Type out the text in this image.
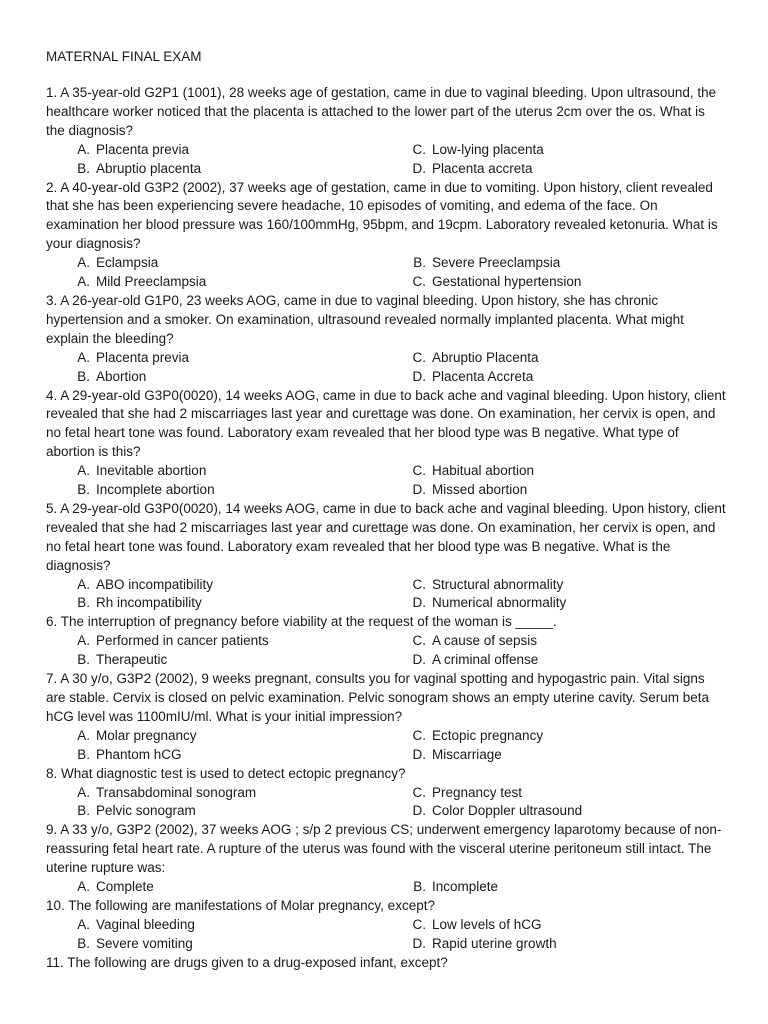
MATERNAL FINAL EXAM

1. A 35-year-old G2P1 (1001), 28 weeks age of gestation, came in due to vaginal bleeding. Upon ultrasound, the healthcare worker noticed that the placenta is attached to the lower part of the uterus 2cm over the os. What is the diagnosis?

A. Placenta previa	C. Low-lying placenta
B. Abruptio placenta	D. Placenta accreta

2. A 40-year-old G3P2 (2002), 37 weeks age of gestation, came in due to vomiting. Upon history, client revealed that she has been experiencing severe headache, 10 episodes of vomiting, and edema of the face. On examination her blood pressure was 160/100mmHg, 95bpm, and 19cpm. Laboratory revealed ketonuria. What is your diagnosis?

A. Eclampsia	B. Severe Preeclampsia
A. Mild Preeclampsia	C. Gestational hypertension

3. A 26-year-old G1P0, 23 weeks AOG, came in due to vaginal bleeding. Upon history, she has chronic hypertension and a smoker. On examination, ultrasound revealed normally implanted placenta. What might explain the bleeding?

A. Placenta previa	C. Abruptio Placenta
B. Abortion	D. Placenta Accreta

4. A 29-year-old G3P0(0020), 14 weeks AOG, came in due to back ache and vaginal bleeding. Upon history, client revealed that she had 2 miscarriages last year and curettage was done. On examination, her cervix is open, and no fetal heart tone was found. Laboratory exam revealed that her blood type was B negative. What type of abortion is this?

A. Inevitable abortion	C. Habitual abortion
B. Incomplete abortion	D. Missed abortion

5. A 29-year-old G3P0(0020), 14 weeks AOG, came in due to back ache and vaginal bleeding. Upon history, client revealed that she had 2 miscarriages last year and curettage was done. On examination, her cervix is open, and no fetal heart tone was found. Laboratory exam revealed that her blood type was B negative. What is the diagnosis?

A. ABO incompatibility	C. Structural abnormality
B. Rh incompatibility	D. Numerical abnormality

6. The interruption of pregnancy before viability at the request of the woman is _____.

A. Performed in cancer patients	C. A cause of sepsis
B. Therapeutic	D. A criminal offense

7. A 30 y/o, G3P2 (2002), 9 weeks pregnant, consults you for vaginal spotting and hypogastric pain. Vital signs are stable. Cervix is closed on pelvic examination. Pelvic sonogram shows an empty uterine cavity. Serum beta hCG level was 1100mIU/ml. What is your initial impression?

A. Molar pregnancy	C. Ectopic pregnancy
B. Phantom hCG	D. Miscarriage

8. What diagnostic test is used to detect ectopic pregnancy?

A. Transabdominal sonogram	C. Pregnancy test
B. Pelvic sonogram	D. Color Doppler ultrasound

9. A 33 y/o, G3P2 (2002), 37 weeks AOG ; s/p 2 previous CS; underwent emergency laparotomy because of non-reassuring fetal heart rate. A rupture of the uterus was found with the visceral uterine peritoneum still intact. The uterine rupture was:

A. Complete	B. Incomplete

10. The following are manifestations of Molar pregnancy, except?

A. Vaginal bleeding	C. Low levels of hCG
B. Severe vomiting	D. Rapid uterine growth

11. The following are drugs given to a drug-exposed infant, except?
